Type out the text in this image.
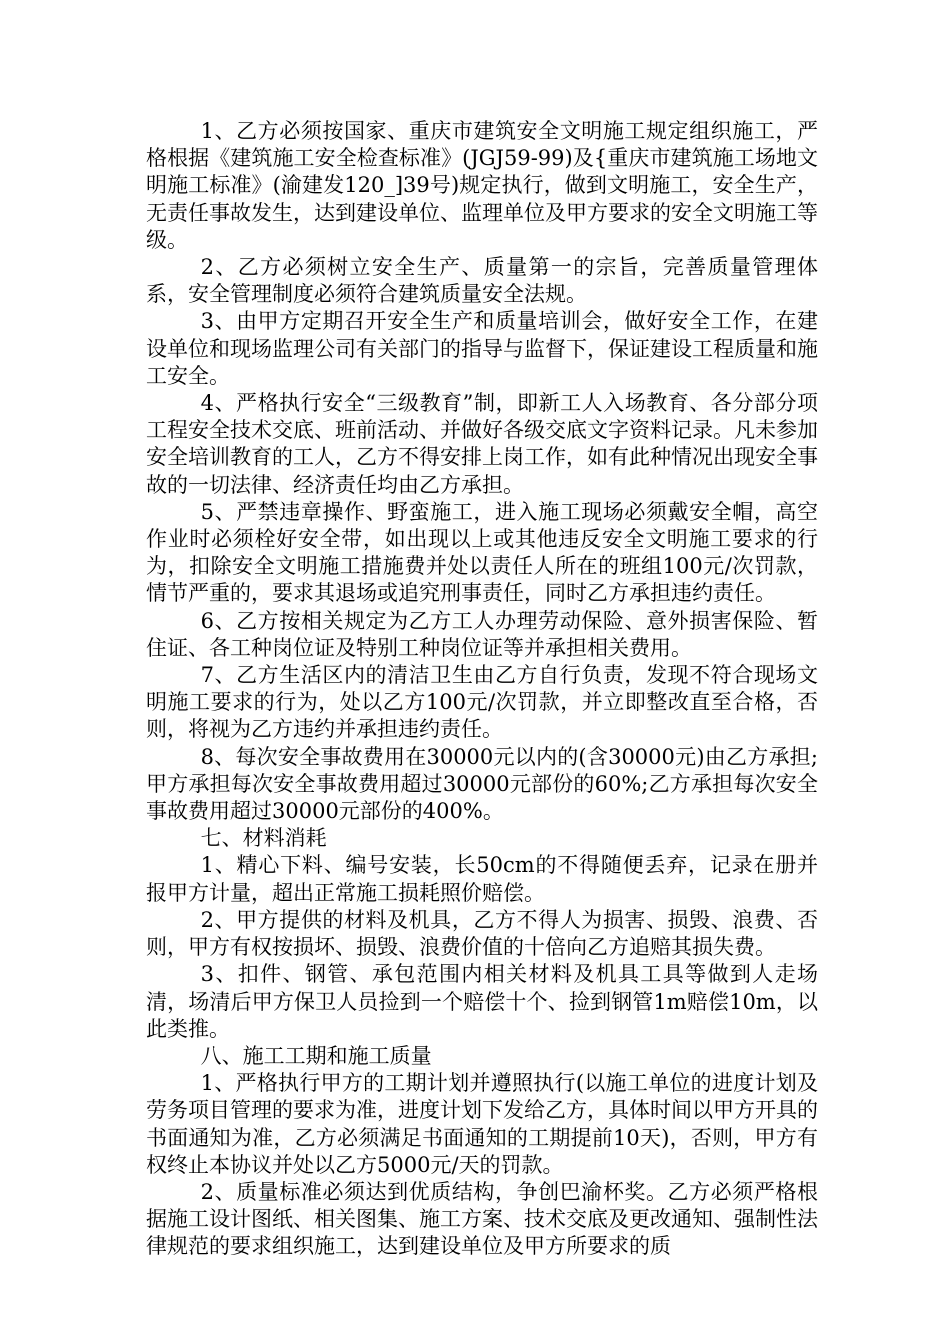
1、乙方必须按国家、重庆市建筑安全文明施工规定组织施工，严格根据《建筑施工安全检查标准》(JGJ59-99)及{重庆市建筑施工场地文明施工标准》(渝建发120_]39号)规定执行，做到文明施工，安全生产，无责任事故发生，达到建设单位、监理单位及甲方要求的安全文明施工等级。

2、乙方必须树立安全生产、质量第一的宗旨，完善质量管理体系，安全管理制度必须符合建筑质量安全法规。

3、由甲方定期召开安全生产和质量培训会，做好安全工作，在建设单位和现场监理公司有关部门的指导与监督下，保证建设工程质量和施工安全。

4、严格执行安全“三级教育”制，即新工人入场教育、各分部分项工程安全技术交底、班前活动、并做好各级交底文字资料记录。凡未参加安全培训教育的工人，乙方不得安排上岗工作，如有此种情况出现安全事故的一切法律、经济责任均由乙方承担。

5、严禁违章操作、野蛮施工，进入施工现场必须戴安全帽，高空作业时必须栓好安全带，如出现以上或其他违反安全文明施工要求的行为，扣除安全文明施工措施费并处以责任人所在的班组100元/次罚款，情节严重的，要求其退场或追究刑事责任，同时乙方承担违约责任。

6、乙方按相关规定为乙方工人办理劳动保险、意外损害保险、暂住证、各工种岗位证及特别工种岗位证等并承担相关费用。

7、乙方生活区内的清洁卫生由乙方自行负责，发现不符合现场文明施工要求的行为，处以乙方100元/次罚款，并立即整改直至合格，否则，将视为乙方违约并承担违约责任。

8、每次安全事故费用在30000元以内的(含30000元)由乙方承担;甲方承担每次安全事故费用超过30000元部份的60%;乙方承担每次安全事故费用超过30000元部份的400%。

七、材料消耗

1、精心下料、编号安装，长50cm的不得随便丢弃，记录在册并报甲方计量，超出正常施工损耗照价赔偿。

2、甲方提供的材料及机具，乙方不得人为损害、损毁、浪费、否则，甲方有权按损坏、损毁、浪费价值的十倍向乙方追赔其损失费。

3、扣件、钢管、承包范围内相关材料及机具工具等做到人走场清，场清后甲方保卫人员捡到一个赔偿十个、捡到钢管1m赔偿10m，以此类推。

八、施工工期和施工质量

1、严格执行甲方的工期计划并遵照执行(以施工单位的进度计划及劳务项目管理的要求为准，进度计划下发给乙方，具体时间以甲方开具的书面通知为准，乙方必须满足书面通知的工期提前10天)，否则，甲方有权终止本协议并处以乙方5000元/天的罚款。

2、质量标准必须达到优质结构，争创巴渝杯奖。乙方必须严格根据施工设计图纸、相关图集、施工方案、技术交底及更改通知、强制性法律规范的要求组织施工，达到建设单位及甲方所要求的质
